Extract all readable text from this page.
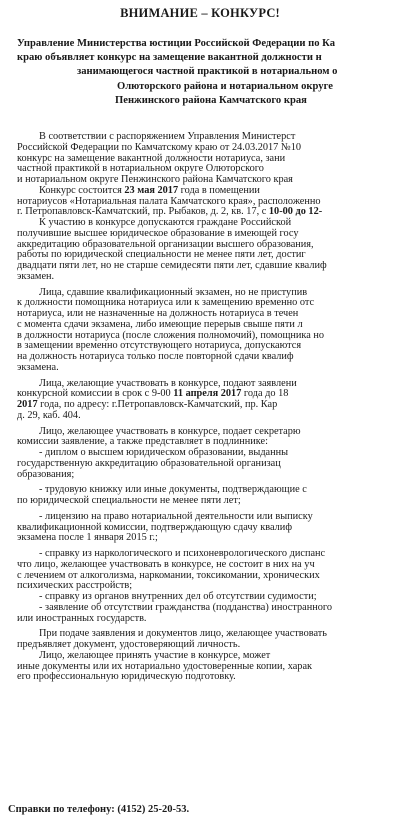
ВНИМАНИЕ – КОНКУРС!
Управление Министерства юстиции Российской Федерации по Ка
краю объявляет конкурс на замещение вакантной должности н
занимающегося частной практикой в нотариальном о
Олюторского района и нотариальном округе
Пенжинского района Камчатского края
В соответствии с распоряжением Управления Министерст
Российской Федерации по Камчатскому краю от 24.03.2017 №10
конкурс на замещение вакантной должности нотариуса, зани
частной практикой в нотариальном округе Олюторского
и нотариальном округе Пенжинского района Камчатского края
Конкурс состоится 23 мая 2017 года в помещении
нотариусов «Нотариальная палата Камчатского края», расположенно
г. Петропавловск-Камчатский, пр. Рыбаков, д. 2, кв. 17, с 10-00 до 12-
К участию в конкурсе допускаются граждане Российской
получившие высшее юридическое образование в имеющей госу
аккредитацию образовательной организации высшего образования,
работы по юридической специальности не менее пяти лет, достиг
двадцати пяти лет, но не старше семидесяти пяти лет, сдавшие квалиф
экзамен.
Лица, сдавшие квалификационный экзамен, но не приступив
к должности помощника нотариуса или к замещению временно отс
нотариуса, или не назначенные на должность нотариуса в течен
с момента сдачи экзамена, либо имеющие перерыв свыше пяти л
в должности нотариуса (после сложения полномочий), помощника но
в замещении временно отсутствующего нотариуса, допускаются
на должность нотариуса только после повторной сдачи квалиф
экзамена.
Лица, желающие участвовать в конкурсе, подают заявлени
конкурсной комиссии в срок с 9-00 11 апреля 2017 года до 18
2017 года, по адресу: г.Петропавловск-Камчатский, пр. Кар
д. 29, каб. 404.
Лицо, желающее участвовать в конкурсе, подает секретарю
комиссии заявление, а также представляет в подлиннике:
- диплом о высшем юридическом образовании, выданны
государственную аккредитацию образовательной организац
образования;
- трудовую книжку или иные документы, подтверждающие с
по юридической специальности не менее пяти лет;
- лицензию на право нотариальной деятельности или выписку
квалификационной комиссии, подтверждающую сдачу квалиф
экзамена после 1 января 2015 г.;
- справку из наркологического и психоневрологического диспанс
что лицо, желающее участвовать в конкурсе, не состоит в них на уч
с лечением от алкоголизма, наркомании, токсикомании, хронических
психических расстройств;
- справку из органов внутренних дел об отсутствии судимости;
- заявление об отсутствии гражданства (подданства) иностранного
или иностранных государств.
При подаче заявления и документов лицо, желающее участвовать
предъявляет документ, удостоверяющий личность.
Лицо, желающее принять участие в конкурсе, может
иные документы или их нотариально удостоверенные копии, харак
его профессиональную юридическую подготовку.
Справки по телефону: (4152) 25-20-53.
